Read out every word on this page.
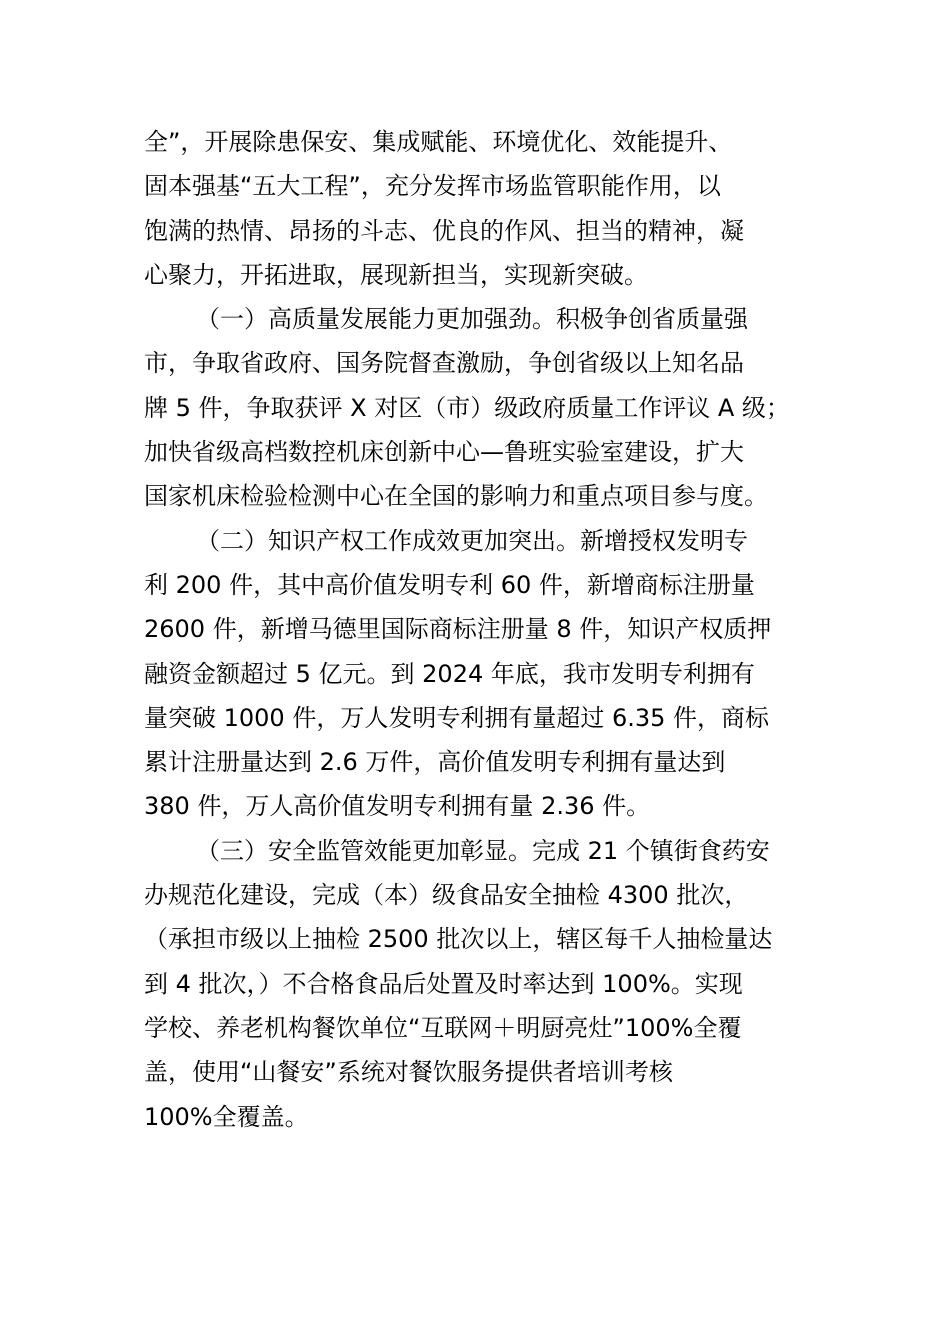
全”，开展除患保安、集成赋能、环境优化、效能提升、
固本强基“五大工程”，充分发挥市场监管职能作用，以
饱满的热情、昂扬的斗志、优良的作风、担当的精神，凝
心聚力，开拓进取，展现新担当，实现新突破。
（一）高质量发展能力更加强劲。积极争创省质量强
市，争取省政府、国务院督查激励，争创省级以上知名品
牌 5 件，争取获评 X 对区（市）级政府质量工作评议 A 级；
加快省级高档数控机床创新中心—鲁班实验室建设，扩大
国家机床检验检测中心在全国的影响力和重点项目参与度。
（二）知识产权工作成效更加突出。新增授权发明专
利 200 件，其中高价值发明专利 60 件，新增商标注册量
2600 件，新增马德里国际商标注册量 8 件，知识产权质押
融资金额超过 5 亿元。到 2024 年底，我市发明专利拥有
量突破 1000 件，万人发明专利拥有量超过 6.35 件，商标
累计注册量达到 2.6 万件，高价值发明专利拥有量达到
380 件，万人高价值发明专利拥有量 2.36 件。
（三）安全监管效能更加彰显。完成 21 个镇街食药安
办规范化建设，完成（本）级食品安全抽检 4300 批次，
（承担市级以上抽检 2500 批次以上，辖区每千人抽检量达
到 4 批次，）不合格食品后处置及时率达到 100%。实现
学校、养老机构餐饮单位“互联网＋明厨亮灶”100%全覆
盖，使用“山餐安”系统对餐饮服务提供者培训考核
100%全覆盖。
